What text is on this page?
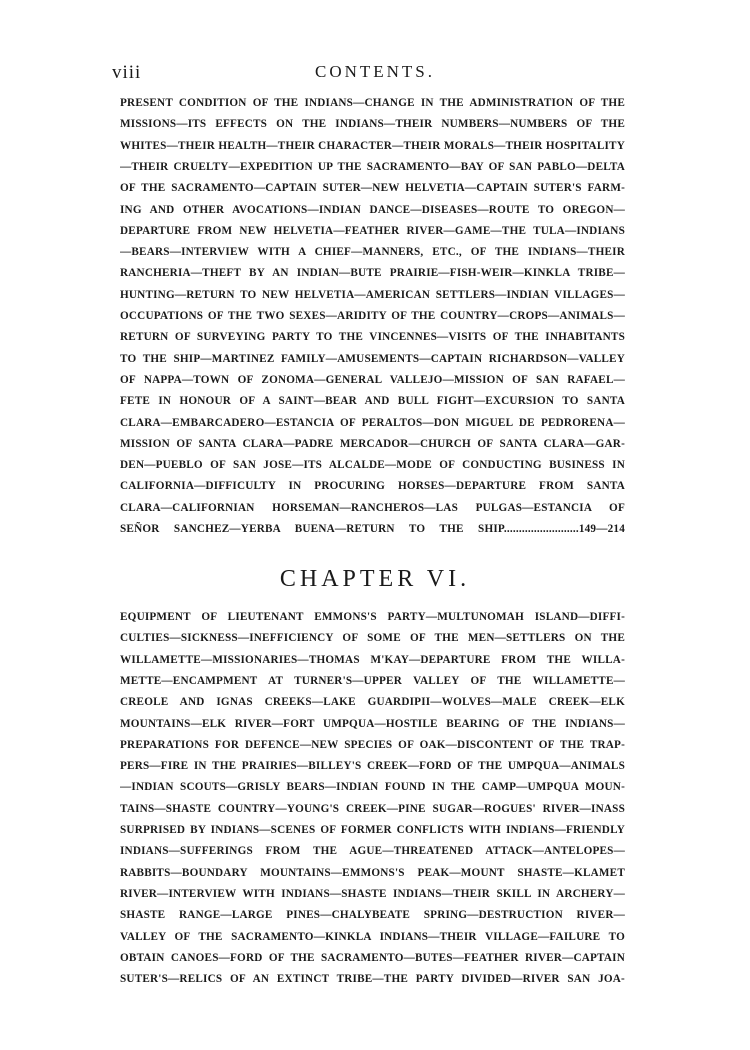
viii	CONTENTS.
PRESENT CONDITION OF THE INDIANS—CHANGE IN THE ADMINISTRATION OF THE
MISSIONS—ITS EFFECTS ON THE INDIANS—THEIR NUMBERS—NUMBERS OF THE
WHITES—THEIR HEALTH—THEIR CHARACTER—THEIR MORALS—THEIR HOSPITALITY
—THEIR CRUELTY—EXPEDITION UP THE SACRAMENTO—BAY OF SAN PABLO—DELTA
OF THE SACRAMENTO—CAPTAIN SUTER—NEW HELVETIA—CAPTAIN SUTER'S FARM-
ING AND OTHER AVOCATIONS—INDIAN DANCE—DISEASES—ROUTE TO OREGON—
DEPARTURE FROM NEW HELVETIA—FEATHER RIVER—GAME—THE TULA—INDIANS
—BEARS—INTERVIEW WITH A CHIEF—MANNERS, ETC., OF THE INDIANS—THEIR
RANCHERIA—THEFT BY AN INDIAN—BUTE PRAIRIE—FISH-WEIR—KINKLA TRIBE—
HUNTING—RETURN TO NEW HELVETIA—AMERICAN SETTLERS—INDIAN VILLAGES—
OCCUPATIONS OF THE TWO SEXES—ARIDITY OF THE COUNTRY—CROPS—ANIMALS—
RETURN OF SURVEYING PARTY TO THE VINCENNES—VISITS OF THE INHABITANTS
TO THE SHIP—MARTINEZ FAMILY—AMUSEMENTS—CAPTAIN RICHARDSON—VALLEY
OF NAPPA—TOWN OF ZONOMA—GENERAL VALLEJO—MISSION OF SAN RAFAEL—
FETE IN HONOUR OF A SAINT—BEAR AND BULL FIGHT—EXCURSION TO SANTA
CLARA—EMBARCADERO—ESTANCIA OF PERALTOS—DON MIGUEL DE PEDRORENA—
MISSION OF SANTA CLARA—PADRE MERCADOR—CHURCH OF SANTA CLARA—GAR-
DEN—PUEBLO OF SAN JOSE—ITS ALCALDE—MODE OF CONDUCTING BUSINESS IN
CALIFORNIA—DIFFICULTY IN PROCURING HORSES—DEPARTURE FROM SANTA
CLARA—CALIFORNIAN HORSEMAN—RANCHEROS—LAS PULGAS—ESTANCIA OF
SEÑOR SANCHEZ—YERBA BUENA—RETURN TO THE SHIP.........................149—214
CHAPTER VI.
EQUIPMENT OF LIEUTENANT EMMONS'S PARTY—MULTUNOMAH ISLAND—DIFFI-
CULTIES—SICKNESS—INEFFICIENCY OF SOME OF THE MEN—SETTLERS ON THE
WILLAMETTE—MISSIONARIES—THOMAS M'KAY—DEPARTURE FROM THE WILLA-
METTE—ENCAMPMENT AT TURNER'S—UPPER VALLEY OF THE WILLAMETTE—
CREOLE AND IGNAS CREEKS—LAKE GUARDIPII—WOLVES—MALE CREEK—ELK
MOUNTAINS—ELK RIVER—FORT UMPQUA—HOSTILE BEARING OF THE INDIANS—
PREPARATIONS FOR DEFENCE—NEW SPECIES OF OAK—DISCONTENT OF THE TRAP-
PERS—FIRE IN THE PRAIRIES—BILLEY'S CREEK—FORD OF THE UMPQUA—ANIMALS
—INDIAN SCOUTS—GRISLY BEARS—INDIAN FOUND IN THE CAMP—UMPQUA MOUN-
TAINS—SHASTE COUNTRY—YOUNG'S CREEK—PINE SUGAR—ROGUES' RIVER—INASS
SURPRISED BY INDIANS—SCENES OF FORMER CONFLICTS WITH INDIANS—FRIENDLY
INDIANS—SUFFERINGS FROM THE AGUE—THREATENED ATTACK—ANTELOPES—
RABBITS—BOUNDARY MOUNTAINS—EMMONS'S PEAK—MOUNT SHASTE—KLAMET
RIVER—INTERVIEW WITH INDIANS—SHASTE INDIANS—THEIR SKILL IN ARCHERY—
SHASTE RANGE—LARGE PINES—CHALYBEATE SPRING—DESTRUCTION RIVER—
VALLEY OF THE SACRAMENTO—KINKLA INDIANS—THEIR VILLAGE—FAILURE TO
OBTAIN CANOES—FORD OF THE SACRAMENTO—BUTES—FEATHER RIVER—CAPTAIN
SUTER'S—RELICS OF AN EXTINCT TRIBE—THE PARTY DIVIDED—RIVER SAN JOA-
